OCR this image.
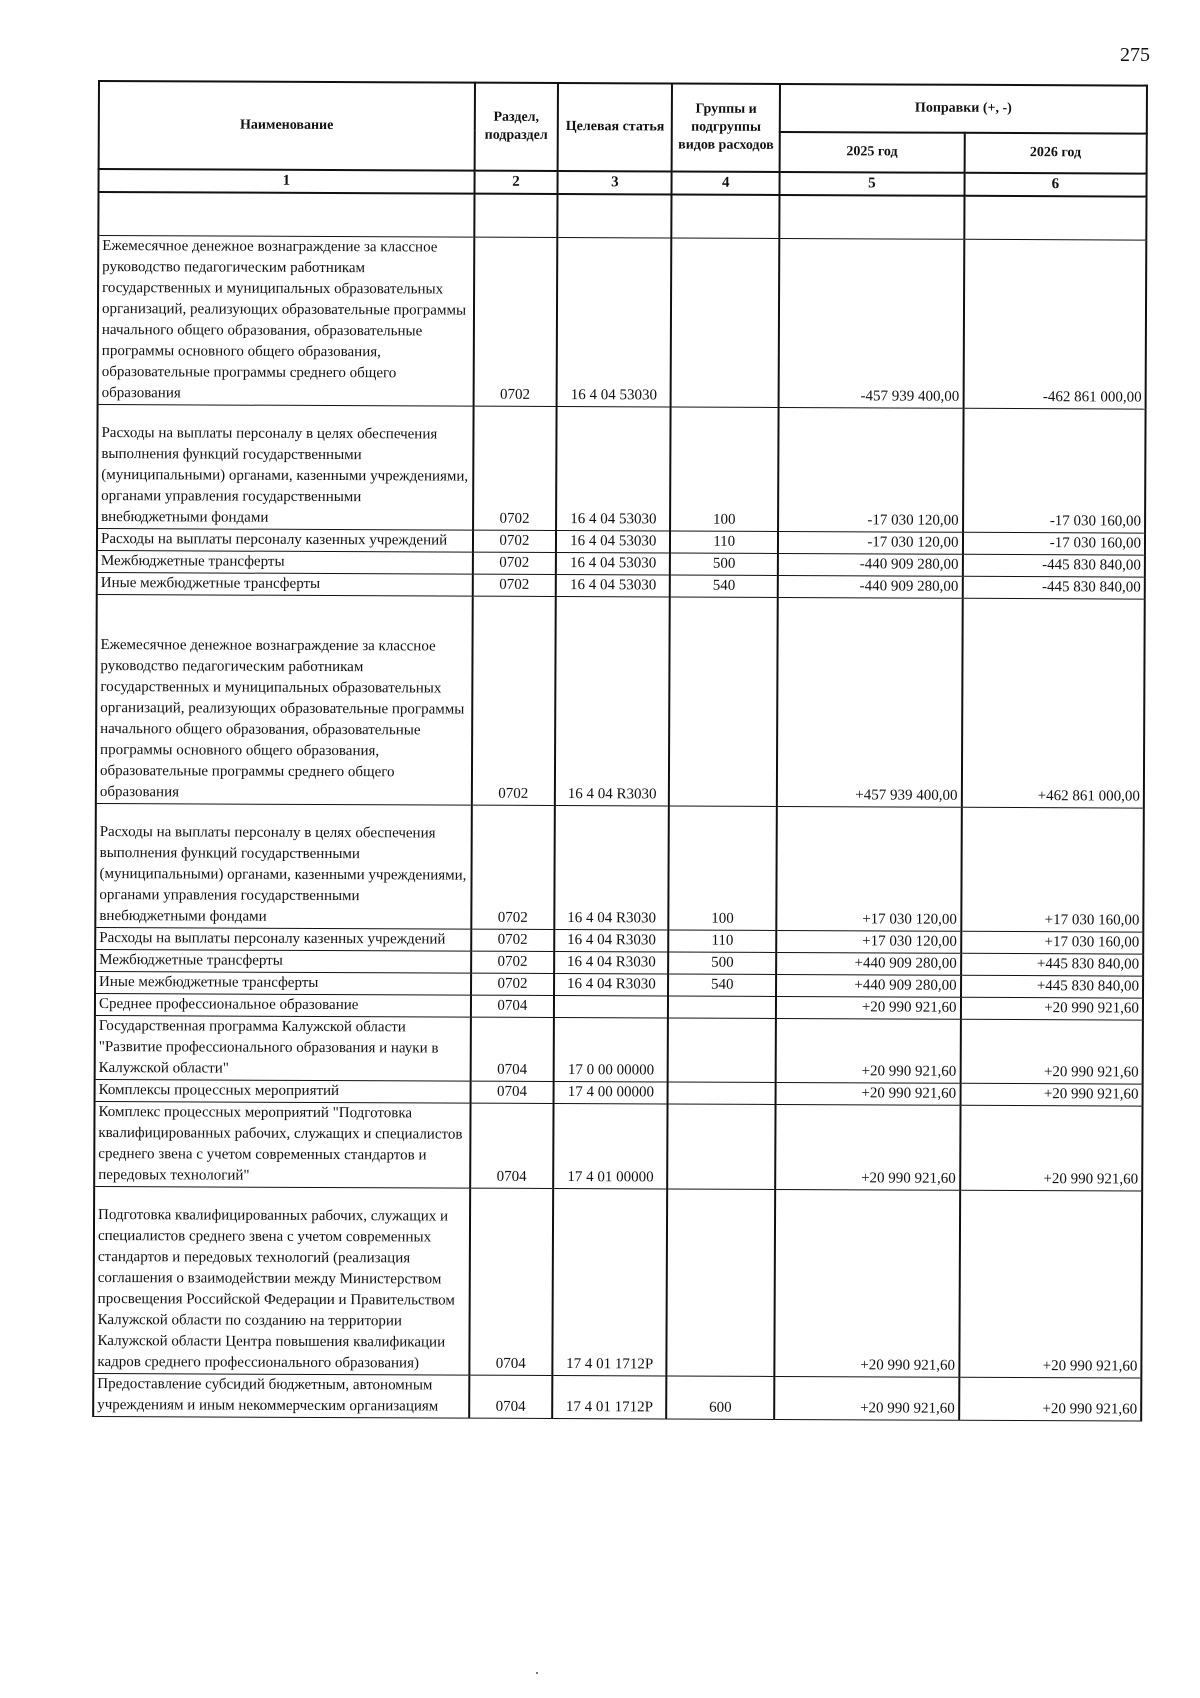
275
Наименование	Раздел, подраздел	Целевая статья	Группы и подгруппы видов расходов	Поправки (+, -)	
				2025 год	2026 год
1	2	3	4	5	6

Ежемесячное денежное вознаграждение за классное руководство педагогическим работникам государственных и муниципальных образовательных организаций, реализующих образовательные программы начального общего образования, образовательные программы основного общего образования, образовательные программы среднего общего образования	0702	16 4 04 53030		-457 939 400,00	-462 861 000,00
Расходы на выплаты персоналу в целях обеспечения выполнения функций государственными (муниципальными) органами, казенными учреждениями, органами управления государственными внебюджетными фондами	0702	16 4 04 53030	100	-17 030 120,00	-17 030 160,00
Расходы на выплаты персоналу казенных учреждений	0702	16 4 04 53030	110	-17 030 120,00	-17 030 160,00
Межбюджетные трансферты	0702	16 4 04 53030	500	-440 909 280,00	-445 830 840,00
Иные межбюджетные трансферты	0702	16 4 04 53030	540	-440 909 280,00	-445 830 840,00
Ежемесячное денежное вознаграждение за классное руководство педагогическим работникам государственных и муниципальных образовательных организаций, реализующих образовательные программы начального общего образования, образовательные программы основного общего образования, образовательные программы среднего общего образования	0702	16 4 04 R3030		+457 939 400,00	+462 861 000,00
Расходы на выплаты персоналу в целях обеспечения выполнения функций государственными (муниципальными) органами, казенными учреждениями, органами управления государственными внебюджетными фондами	0702	16 4 04 R3030	100	+17 030 120,00	+17 030 160,00
Расходы на выплаты персоналу казенных учреждений	0702	16 4 04 R3030	110	+17 030 120,00	+17 030 160,00
Межбюджетные трансферты	0702	16 4 04 R3030	500	+440 909 280,00	+445 830 840,00
Иные межбюджетные трансферты	0702	16 4 04 R3030	540	+440 909 280,00	+445 830 840,00
Среднее профессиональное образование	0704			+20 990 921,60	+20 990 921,60
Государственная программа Калужской области "Развитие профессионального образования и науки в Калужской области"	0704	17 0 00 00000		+20 990 921,60	+20 990 921,60
Комплексы процессных мероприятий	0704	17 4 00 00000		+20 990 921,60	+20 990 921,60
Комплекс процессных мероприятий "Подготовка квалифицированных рабочих, служащих и специалистов среднего звена с учетом современных стандартов и передовых технологий"	0704	17 4 01 00000		+20 990 921,60	+20 990 921,60
Подготовка квалифицированных рабочих, служащих и специалистов среднего звена с учетом современных стандартов и передовых технологий (реализация соглашения о взаимодействии между Министерством просвещения Российской Федерации и Правительством Калужской области по созданию на территории Калужской области Центра повышения квалификации кадров среднего профессионального образования)	0704	17 4 01 1712P		+20 990 921,60	+20 990 921,60
Предоставление субсидий бюджетным, автономным учреждениям и иным некоммерческим организациям	0704	17 4 01 1712P	600	+20 990 921,60	+20 990 921,60
